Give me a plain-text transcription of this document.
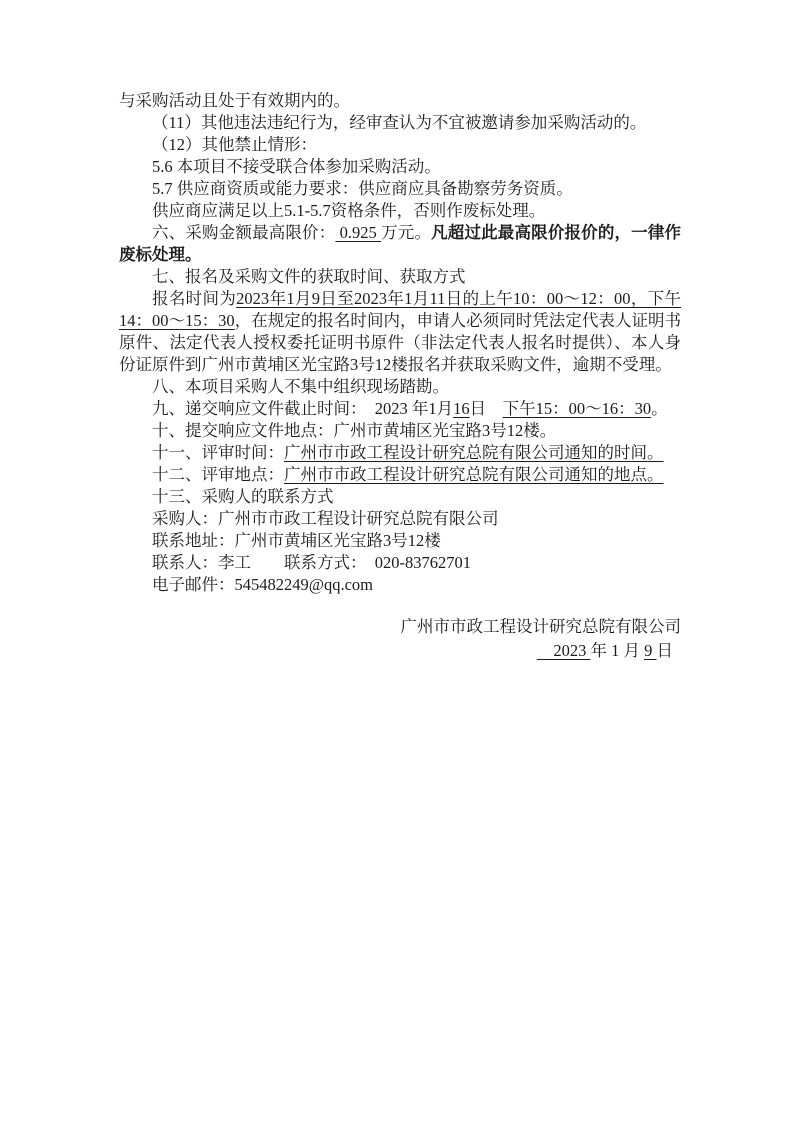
与采购活动且处于有效期内的。

（11）其他违法违纪行为，经审查认为不宜被邀请参加采购活动的。

（12）其他禁止情形：

5.6 本项目不接受联合体参加采购活动。

5.7 供应商资质或能力要求：供应商应具备勘察劳务资质。

供应商应满足以上5.1-5.7资格条件，否则作废标处理。

六、采购金额最高限价： 0.925 万元。凡超过此最高限价报价的，一律作废标处理。

七、报名及采购文件的获取时间、获取方式

报名时间为2023年1月9日至2023年1月11日的上午10：00～12：00，下午14：00～15：30，在规定的报名时间内，申请人必须同时凭法定代表人证明书原件、法定代表人授权委托证明书原件（非法定代表人报名时提供）、本人身份证原件到广州市黄埔区光宝路3号12楼报名并获取采购文件，逾期不受理。

八、本项目采购人不集中组织现场踏勘。

九、递交响应文件截止时间：　2023 年1月16日　下午15：00～16：30。

十、提交响应文件地点：广州市黄埔区光宝路3号12楼。

十一、评审时间：广州市市政工程设计研究总院有限公司通知的时间。

十二、评审地点：广州市市政工程设计研究总院有限公司通知的地点。

十三、采购人的联系方式

采购人：广州市市政工程设计研究总院有限公司

联系地址：广州市黄埔区光宝路3号12楼

联系人：李工　　联系方式：　020-83762701

电子邮件：545482249@qq.com

广州市市政工程设计研究总院有限公司

　2023 年 1 月 9 日
